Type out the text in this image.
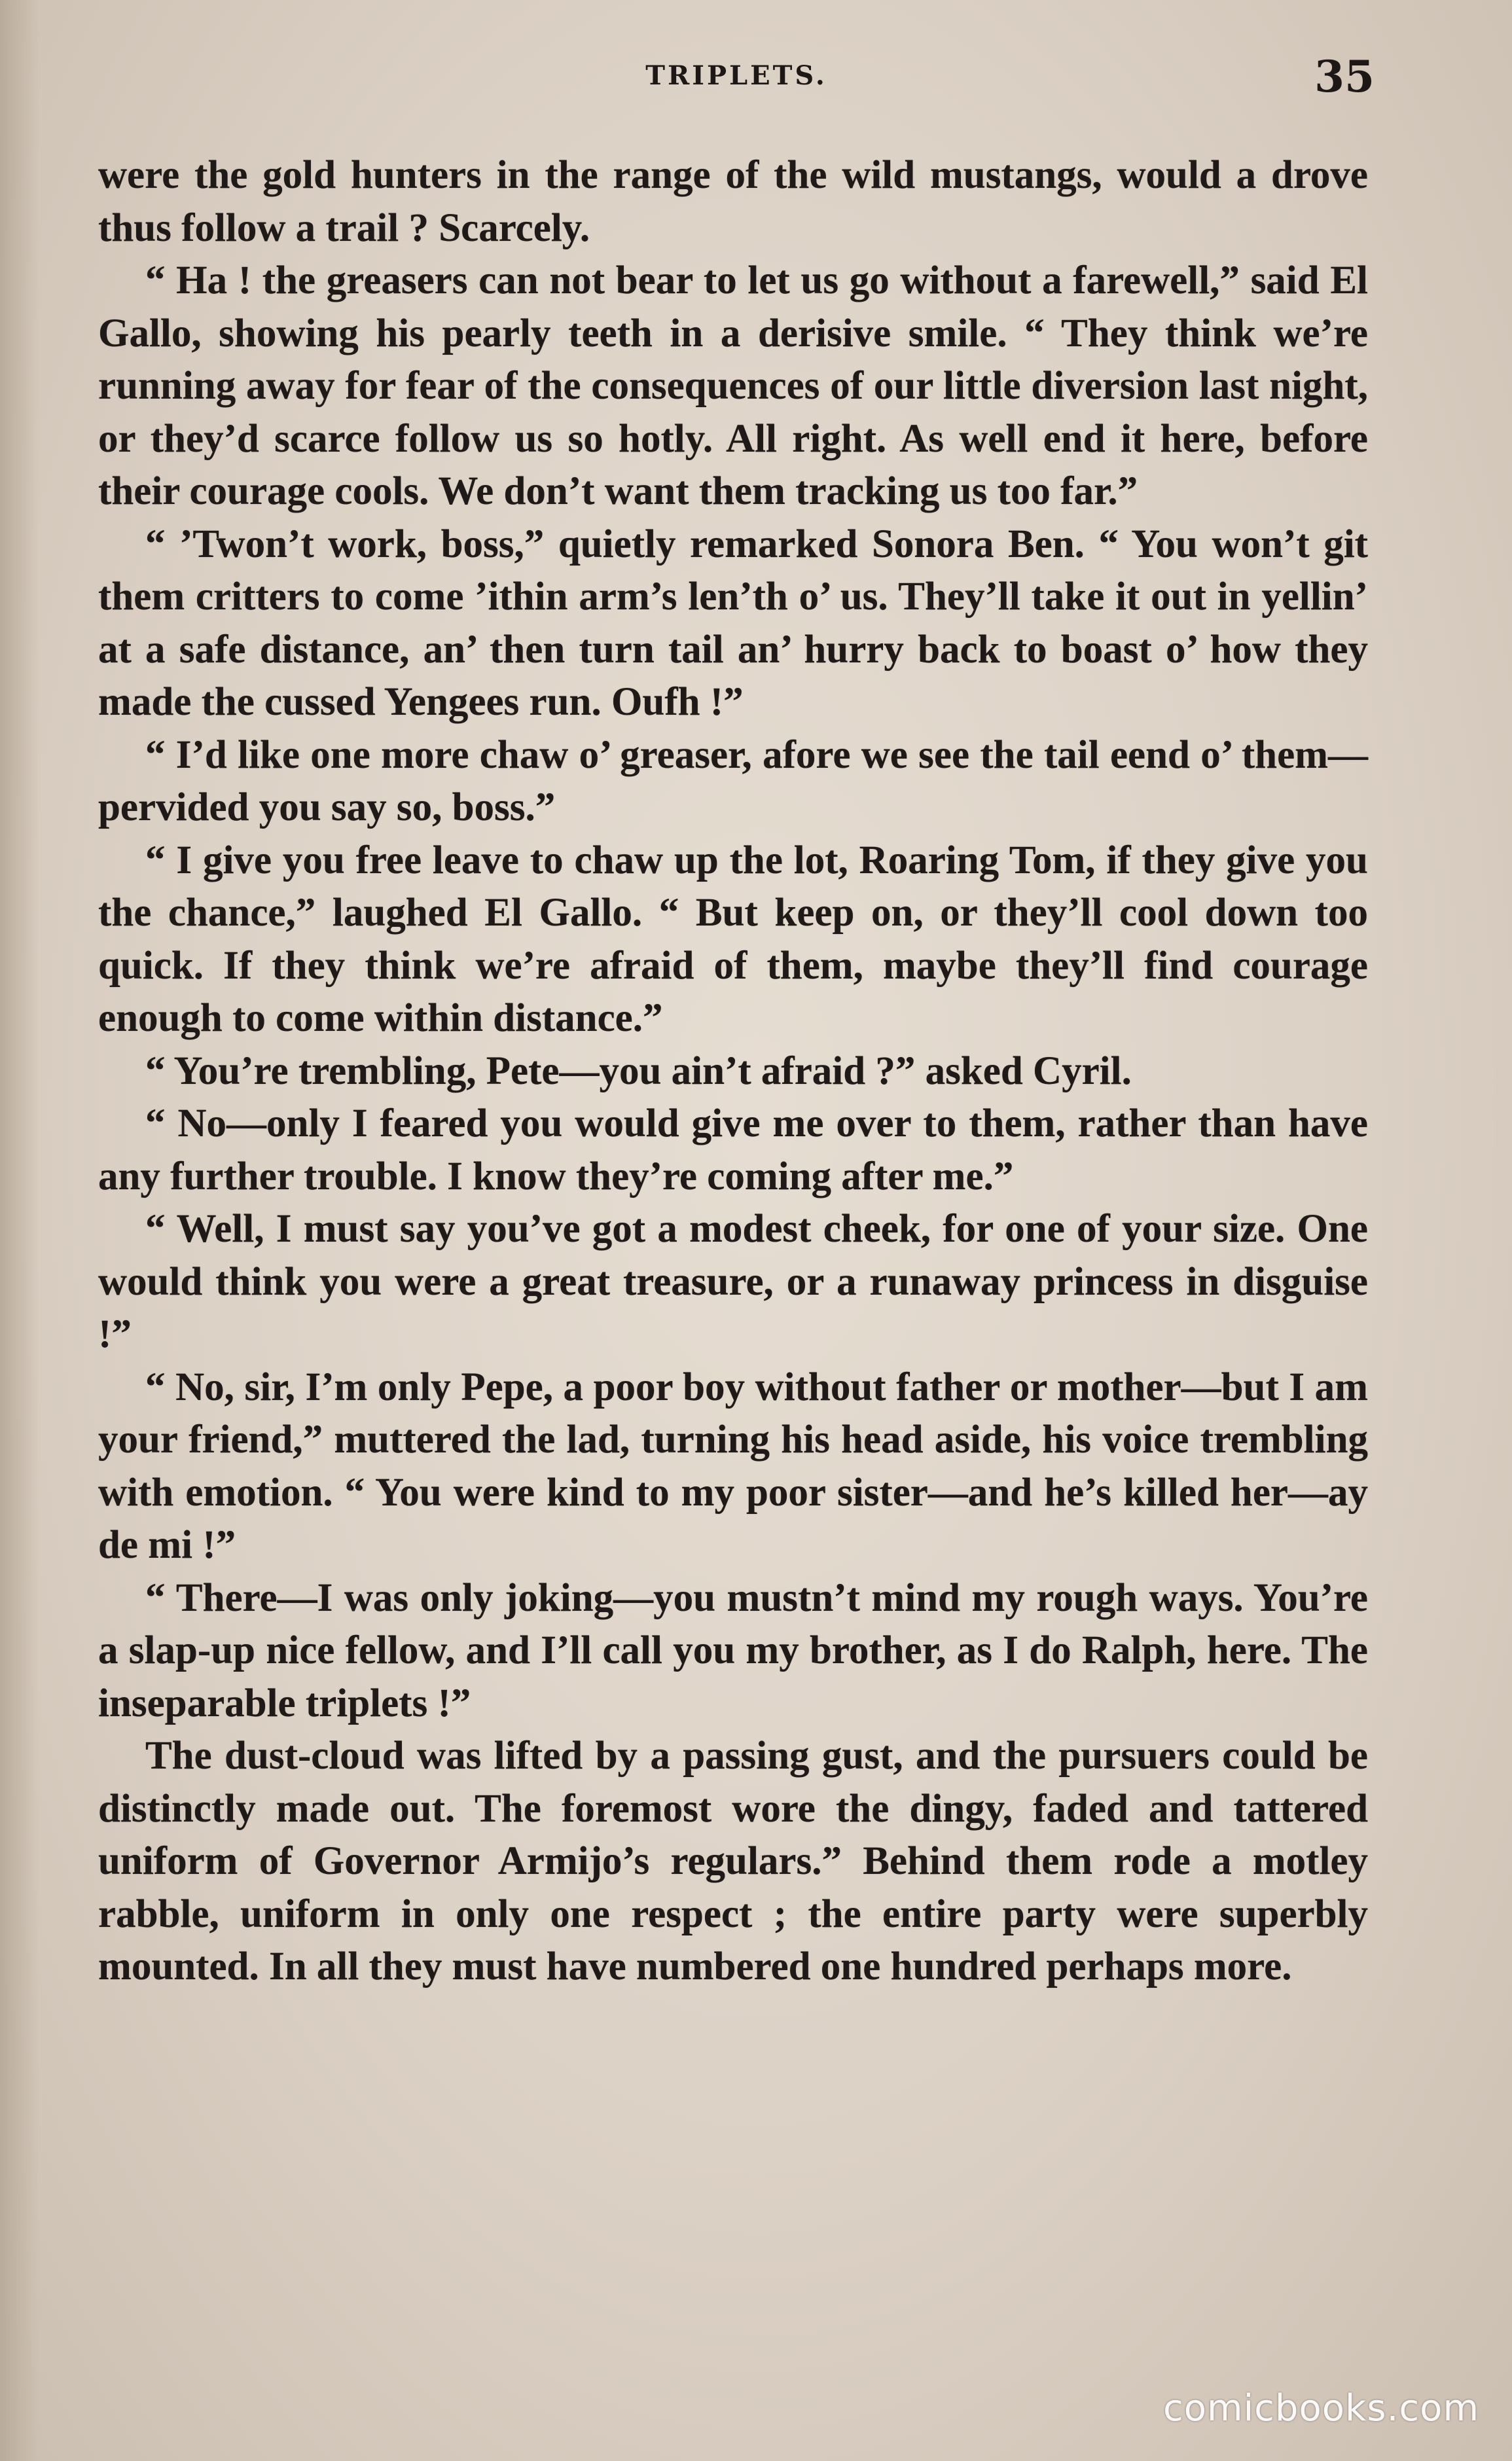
TRIPLETS.	35

were the gold hunters in the range of the wild mustangs, would a drove thus follow a trail ? Scarcely.

“ Ha ! the greasers can not bear to let us go without a farewell,” said El Gallo, showing his pearly teeth in a derisive smile. “ They think we’re running away for fear of the consequences of our little diversion last night, or they’d scarce follow us so hotly. All right. As well end it here, before their courage cools. We don’t want them tracking us too far.”

“ ’Twon’t work, boss,” quietly remarked Sonora Ben. “ You won’t git them critters to come ’ithin arm’s len’th o’ us. They’ll take it out in yellin’ at a safe distance, an’ then turn tail an’ hurry back to boast o’ how they made the cussed Yengees run. Oufh !”

“ I’d like one more chaw o’ greaser, afore we see the tail eend o’ them—pervided you say so, boss.”

“ I give you free leave to chaw up the lot, Roaring Tom, if they give you the chance,” laughed El Gallo. “ But keep on, or they’ll cool down too quick. If they think we’re afraid of them, maybe they’ll find courage enough to come within distance.”

“ You’re trembling, Pete—you ain’t afraid ?” asked Cyril.

“ No—only I feared you would give me over to them, rather than have any further trouble. I know they’re coming after me.”

“ Well, I must say you’ve got a modest cheek, for one of your size. One would think you were a great treasure, or a runaway princess in disguise !”

“ No, sir, I’m only Pepe, a poor boy without father or mother—but I am your friend,” muttered the lad, turning his head aside, his voice trembling with emotion. “ You were kind to my poor sister—and he’s killed her—ay de mi !”

“ There—I was only joking—you mustn’t mind my rough ways. You’re a slap-up nice fellow, and I’ll call you my brother, as I do Ralph, here. The inseparable triplets !”

The dust-cloud was lifted by a passing gust, and the pursuers could be distinctly made out. The foremost wore the dingy, faded and tattered uniform of Governor Armijo’s regulars.” Behind them rode a motley rabble, uniform in only one respect ; the entire party were superbly mounted. In all they must have numbered one hundred perhaps more.

comicbooks.com
